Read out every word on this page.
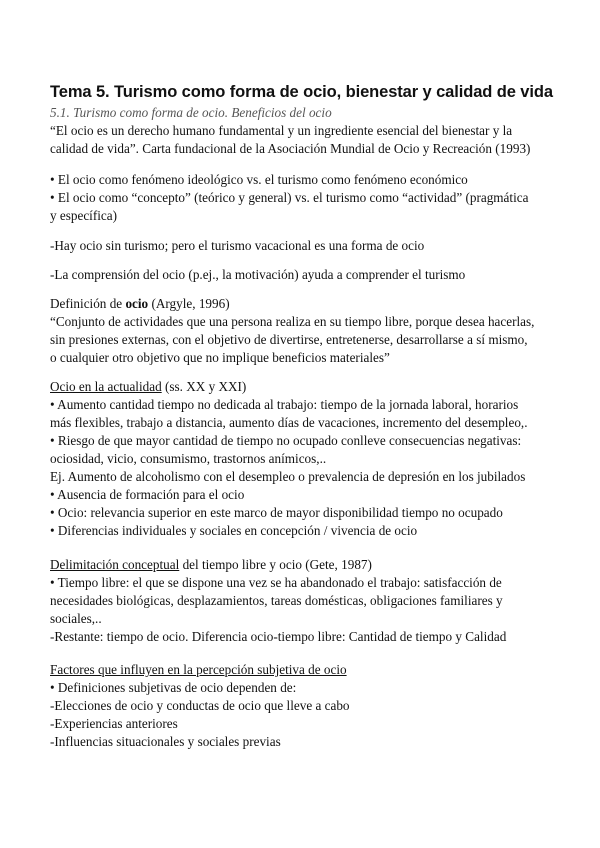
Tema 5. Turismo como forma de ocio, bienestar y calidad de vida
5.1. Turismo como forma de ocio. Beneficios del ocio
“El ocio es un derecho humano fundamental y un ingrediente esencial del bienestar y la
calidad de vida”. Carta fundacional de la Asociación Mundial de Ocio y Recreación (1993)
• El ocio como fenómeno ideológico vs. el turismo como fenómeno económico
• El ocio como “concepto” (teórico y general) vs. el turismo como “actividad” (pragmática
y específica)
-Hay ocio sin turismo; pero el turismo vacacional es una forma de ocio
-La comprensión del ocio (p.ej., la motivación) ayuda a comprender el turismo
Definición de ocio (Argyle, 1996)
“Conjunto de actividades que una persona realiza en su tiempo libre, porque desea hacerlas,
sin presiones externas, con el objetivo de divertirse, entretenerse, desarrollarse a sí mismo,
o cualquier otro objetivo que no implique beneficios materiales”
Ocio en la actualidad (ss. XX y XXI)
• Aumento cantidad tiempo no dedicada al trabajo: tiempo de la jornada laboral, horarios
más flexibles, trabajo a distancia, aumento días de vacaciones, incremento del desempleo,.
• Riesgo de que mayor cantidad de tiempo no ocupado conlleve consecuencias negativas:
ociosidad, vicio, consumismo, trastornos anímicos,..
Ej. Aumento de alcoholismo con el desempleo o prevalencia de depresión en los jubilados
• Ausencia de formación para el ocio
• Ocio: relevancia superior en este marco de mayor disponibilidad tiempo no ocupado
• Diferencias individuales y sociales en concepción / vivencia de ocio
Delimitación conceptual del tiempo libre y ocio (Gete, 1987)
• Tiempo libre: el que se dispone una vez se ha abandonado el trabajo: satisfacción de
necesidades biológicas, desplazamientos, tareas domésticas, obligaciones familiares y
sociales,..
-Restante: tiempo de ocio. Diferencia ocio-tiempo libre: Cantidad de tiempo y Calidad
Factores que influyen en la percepción subjetiva de ocio
• Definiciones subjetivas de ocio dependen de:
-Elecciones de ocio y conductas de ocio que lleve a cabo
-Experiencias anteriores
-Influencias situacionales y sociales previas
